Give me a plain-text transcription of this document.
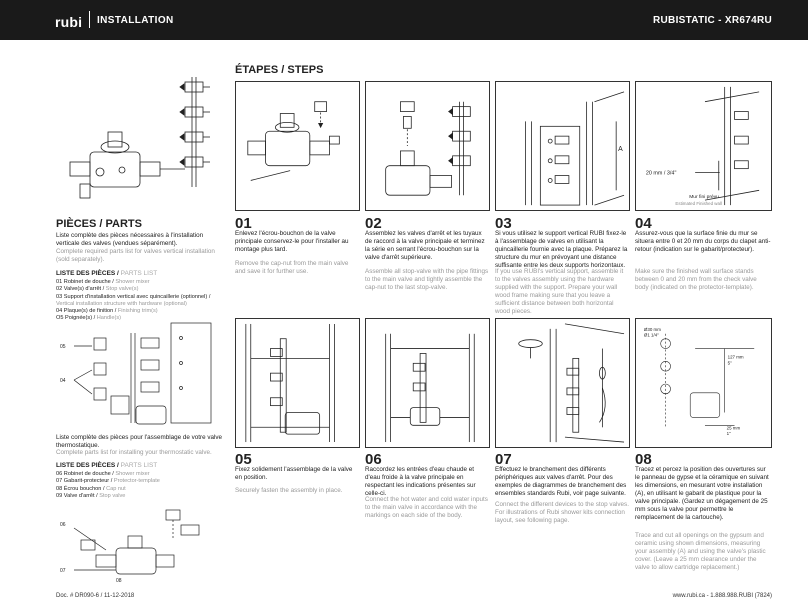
rubi INSTALLATION	RUBISTATIC - XR674RU
ÉTAPES / STEPS
A
20 mm / 3/4"
Mur fini prévu
Estimated Finished wall
01
Enlevez l'écrou-bouchon de la valve principale conservez-le pour l'installer au montage plus tard.
Remove the cap-nut from the main valve and save it for further use.
02
Assemblez les valves d'arrêt et les tuyaux de raccord à la valve principale et terminez la série en serrant l'écrou-bouchon sur la valve d'arrêt supérieure.
Assemble all stop-valve with the pipe fittings to the main valve and tightly assemble the cap-nut to the last stop-valve.
03
Si vous utilisez le support vertical RUBI fixez-le à l'assemblage de valves en utilisant la quincaillerie fournie avec la plaque. Préparez la structure du mur en prévoyant une distance suffisante entre les deux supports horizontaux.
If you use RUBI's vertical support, assemble it to the valves assembly using the hardware supplied with the support. Prepare your wall wood frame making sure that you leave a sufficient distance between both horizontal wood pieces.
04
Assurez-vous que la surface finie du mur se situera entre 0 et 20 mm du corps du clapet anti-retour (indication sur le gabarit/protecteur).
Make sure the finished wall surface stands between 0 and 20 mm from the check valve body (indicated on the protector-template).
Ø30 mm
Ø1 1/4"
127 mm
5"
25 mm
1"
05
Fixez solidement l'assemblage de la valve en position.
Securely fasten the assembly in place.
06
Raccordez les entrées d'eau chaude et d'eau froide à la valve principale en respectant les indications présentes sur celle-ci.
Connect the hot water and cold water inputs to the main valve in accordance with the markings on each side of the body.
07
Effectuez le branchement des différents périphériques aux valves d'arrêt. Pour des exemples de diagrammes de branchement des ensembles standards Rubi, voir page suivante.
Connect the different devices to the stop valves. For illustrations of Rubi shower kits connection layout, see following page.
08
Tracez et percez la position des ouvertures sur le panneau de gypse et la céramique en suivant les dimensions, en mesurant votre installation (A), en utilisant le gabarit de plastique pour la valve principale. (Gardez un dégagement de 25 mm sous la valve pour permettre le remplacement de la cartouche).
Trace and cut all openings on the gypsum and ceramic using shown dimensions, measuring your assembly (A) and using the valve's plastic cover. (Leave a 25 mm clearance under the valve to allow cartridge replacement.)
PIÈCES / PARTS
Liste complète des pièces nécessaires à l'installation verticale des valves (vendues séparément).
Complete required parts list for valves vertical installation (sold separately).
LISTE DES PIÈCES / PARTS LIST
01 Robinet de douche / Shower mixer
02 Valve(s) d'arrêt / Stop valve(s)
03 Support d'installation vertical avec quincaillerie (optionnel) / Vertical installation structure with hardware (optional)
04 Plaque(s) de finition / Finishing trim(s)
O5 Poignée(s) / Handle(s)
05
04
Liste complète des pièces pour l'assemblage de votre valve thermostatique.
Complete parts list for installing your thermostatic valve.
LISTE DES PIÈCES / PARTS LIST
06 Robinet de douche / Shower mixer
07 Gabarit-protecteur / Protector-template
08 Écrou bouchon / Cap nut
09 Valve d'arrêt / Stop valve
06
07
08
Doc. # DR090-6 / 11-12-2018	www.rubi.ca - 1.888.988.RUBI (7824)
